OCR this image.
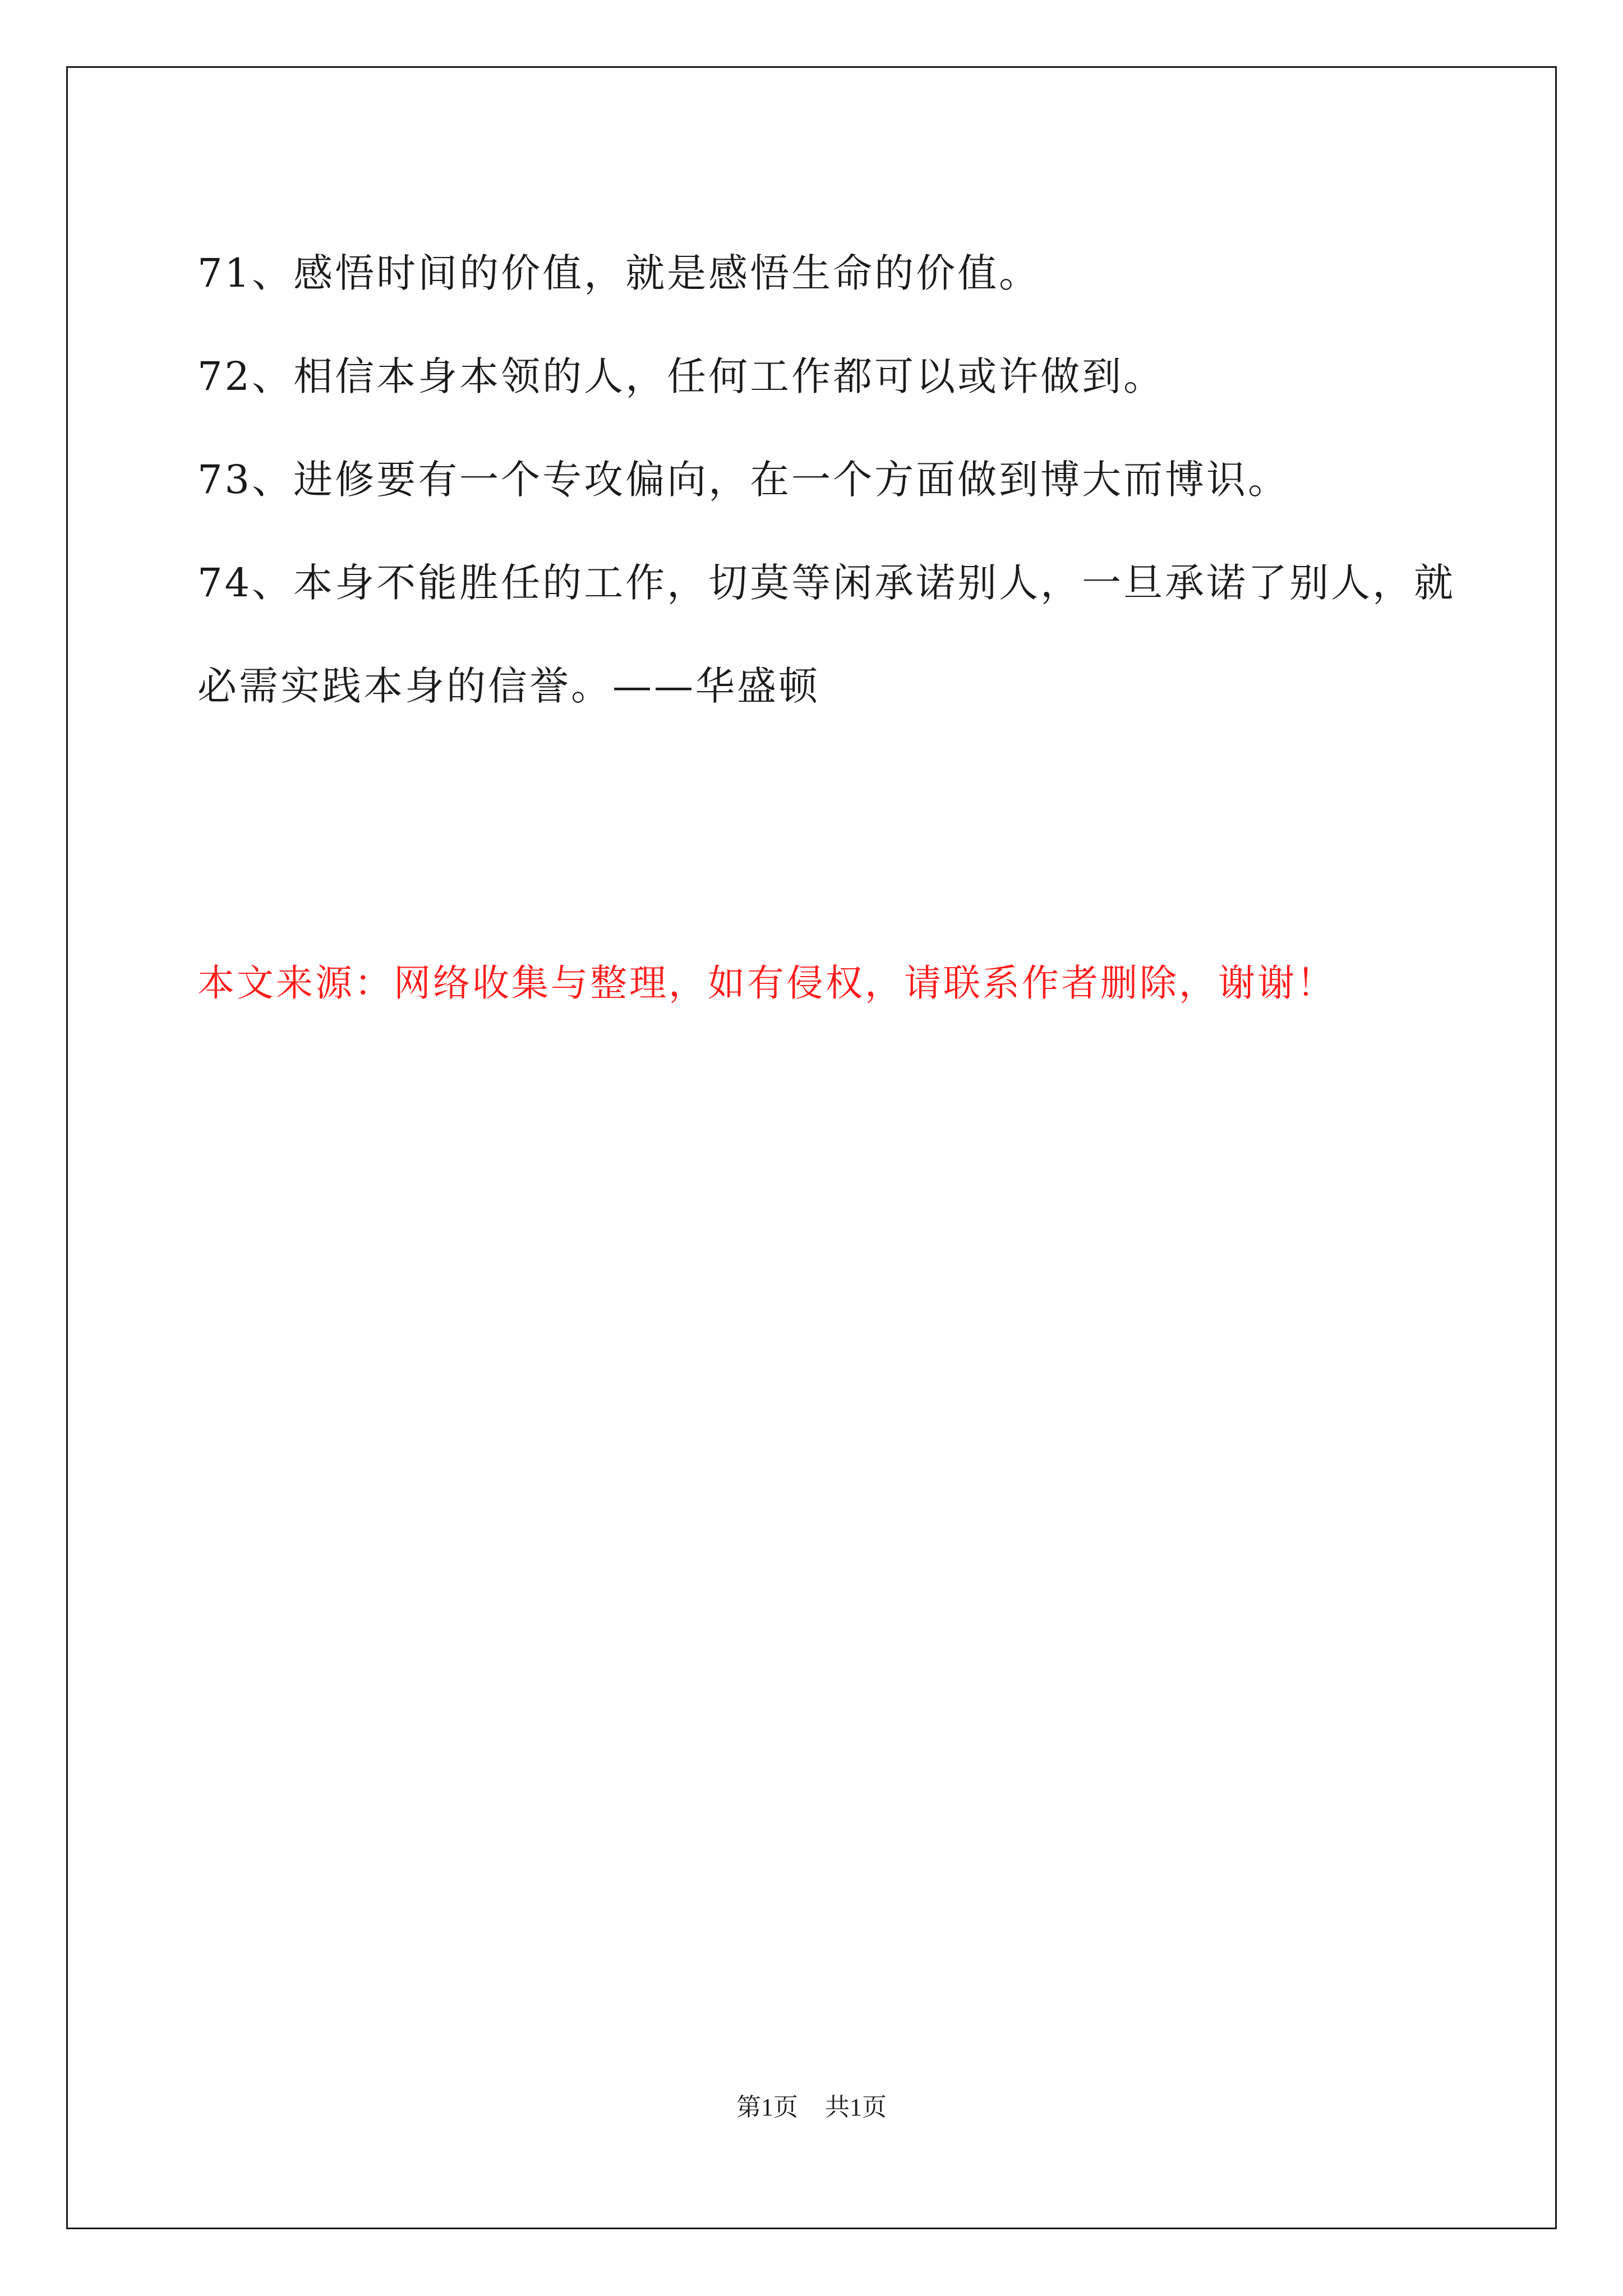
71、感悟时间的价值，就是感悟生命的价值。

72、相信本身本领的人，任何工作都可以或许做到。

73、进修要有一个专攻偏向，在一个方面做到博大而博识。

74、本身不能胜任的工作，切莫等闲承诺别人，一旦承诺了别人，就必需实践本身的信誉。——华盛顿

本文来源：网络收集与整理，如有侵权，请联系作者删除，谢谢！
第1页 共1页
